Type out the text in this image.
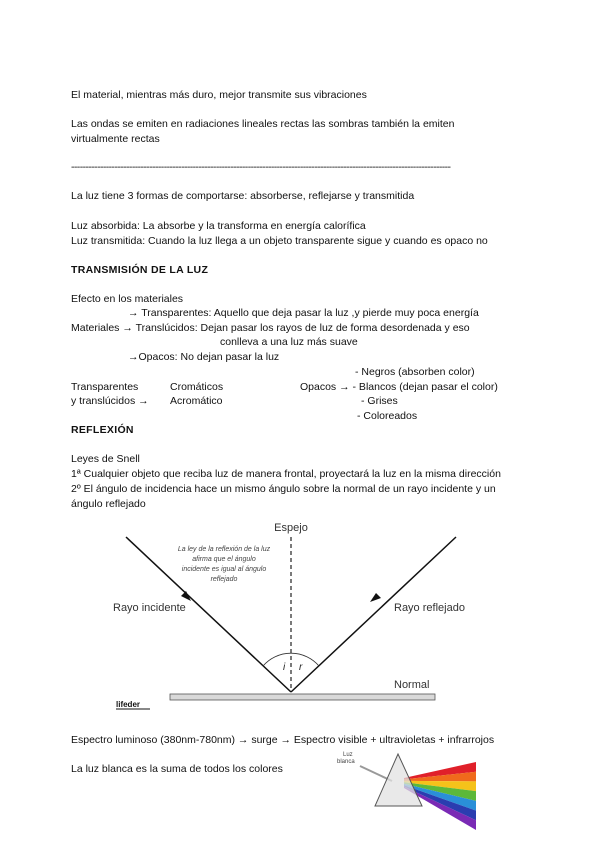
El material, mientras más duro, mejor transmite sus vibraciones
Las ondas se emiten en radiaciones lineales rectas las sombras también la emiten
virtualmente rectas
-----------------------------------------------------------------------------------------------------------------------------------
La luz tiene 3 formas de comportarse: absorberse, reflejarse y transmitida
Luz absorbida: La absorbe y la transforma en energía calorífica
Luz transmitida: Cuando la luz llega a un objeto transparente sigue y cuando es opaco no
TRANSMISIÓN DE LA LUZ
Efecto en los materiales
→ Transparentes: Aquello que deja pasar la luz ,y pierde muy poca energía
Materiales → Translúcidos: Dejan pasar los rayos de luz de forma desordenada y eso
conlleva a una luz más suave
→Opacos: No dejan pasar la luz
- Negros (absorben color)
Transparentes	Cromáticos	Opacos → - Blancos (dejan pasar el color)
y translúcidos → Acromático	- Grises
- Coloreados
REFLEXIÓN
Leyes de Snell
1ª Cualquier objeto que reciba luz de manera frontal, proyectará la luz en la misma dirección
2º El ángulo de incidencia hace un mismo ángulo sobre la normal de un rayo incidente y un
ángulo reflejado
Espejo
i r
La ley de la reflexión de la luz
afirma que el ángulo
incidente es igual al ángulo
reflejado
Rayo incidente	Rayo reflejado
Normal
lifeder
Espectro luminoso (380nm-780nm) → surge → Espectro visible + ultravioletas + infrarrojos
La luz blanca es la suma de todos los colores
Luz
blanca
